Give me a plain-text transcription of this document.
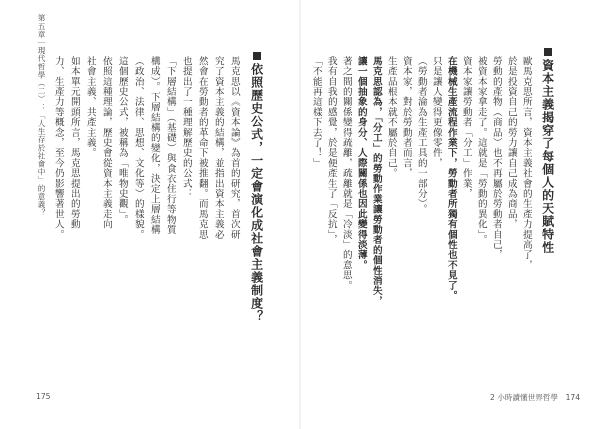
第五章｜現代哲學（二）：「人生存於社會中」的意義？	依照歷史公式，一定會演化成社會主義制度？
馬克思以《資本論》為首的研究，首次研
究了資本主義的結構，並指出資本主義必
然會在勞動者的革命下被推翻。而馬克思
也提出了一種理解歷史的公式：
「下層結構」（基礎）與食衣住行等物質
構成）。下層結構的變化，決定上層結構
（政治、法律、思想、文化等）的樣貌。
這個歷史公式，被稱為「唯物史觀」。
依照這種理論，歷史會從資本主義走向
社會主義、共產主義。
如本單元開頭所言，馬克思提出的勞動
力、生產力等概念，至今仍影響著世人。
175
資本主義揭穿了每個人的天賦特性
歐馬克思所言，資本主義社會的生產力提高了，
於是投資自己的勞力讓自己成為商品，
勞動的產物（商品）也不再屬於勞動者自己，
被資本家拿走了。這就是「勞動的異化」。
資本家讓勞動者「分工」作業，
在機械生產流程作業下，勞動者所獨有個性也不見了。
只是讓人變得更像零件，
（勞動者淪為生產工具的一部分）。
資本家，對於勞動者而言，
生產品根本就不屬於自己。
馬克思認為，「分工」的勞動作業讓勞動者的個性消失，
讓一個抽象的身分、人際關係也因此變得淡薄。
著之間的關係變得疏離，疏離就是「冷淡」的意思。
我有自我的感覺，於是便產生了「反抗」，
「不能再這樣下去了！」
2 小時讀懂世界哲學　174
